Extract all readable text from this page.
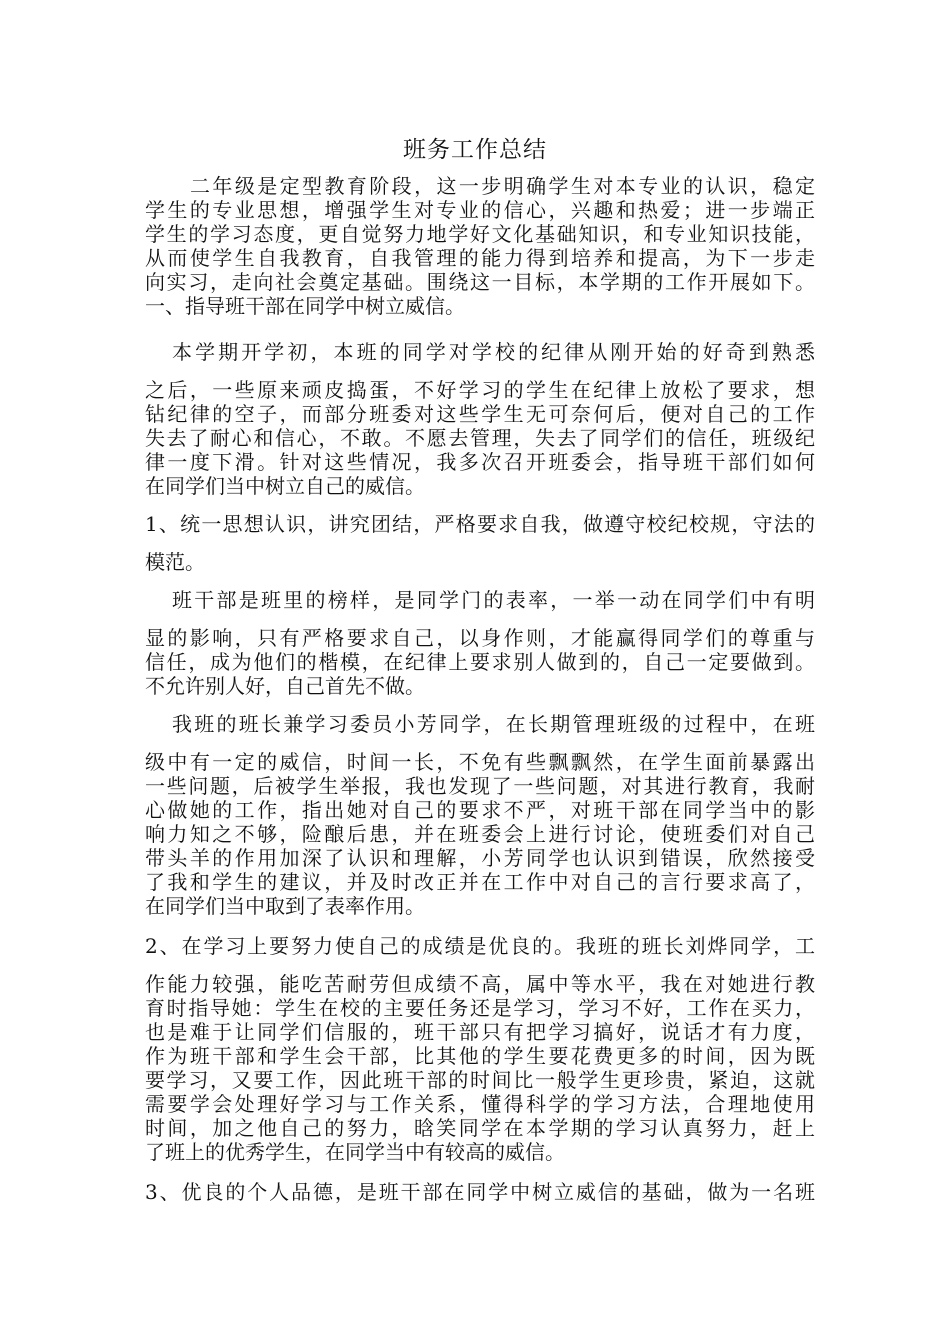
班务工作总结
二年级是定型教育阶段，这一步明确学生对本专业的认识，稳定
学生的专业思想，增强学生对专业的信心，兴趣和热爱；进一步端正
学生的学习态度，更自觉努力地学好文化基础知识，和专业知识技能，
从而使学生自我教育，自我管理的能力得到培养和提高，为下一步走
向实习，走向社会奠定基础。围绕这一目标，本学期的工作开展如下。
一、指导班干部在同学中树立威信。
本学期开学初，本班的同学对学校的纪律从刚开始的好奇到熟悉
之后，一些原来顽皮捣蛋，不好学习的学生在纪律上放松了要求，想
钻纪律的空子，而部分班委对这些学生无可奈何后，便对自己的工作
失去了耐心和信心，不敢。不愿去管理，失去了同学们的信任，班级纪
律一度下滑。针对这些情况，我多次召开班委会，指导班干部们如何
在同学们当中树立自己的威信。
1、统一思想认识，讲究团结，严格要求自我，做遵守校纪校规，守法的
模范。
班干部是班里的榜样，是同学门的表率，一举一动在同学们中有明
显的影响，只有严格要求自己，以身作则，才能赢得同学们的尊重与
信任，成为他们的楷模，在纪律上要求别人做到的，自己一定要做到。
不允许别人好，自己首先不做。
我班的班长兼学习委员小芳同学，在长期管理班级的过程中，在班
级中有一定的威信，时间一长，不免有些飘飘然，在学生面前暴露出
一些问题，后被学生举报，我也发现了一些问题，对其进行教育，我耐
心做她的工作，指出她对自己的要求不严，对班干部在同学当中的影
响力知之不够，险酿后患，并在班委会上进行讨论，使班委们对自己
带头羊的作用加深了认识和理解，小芳同学也认识到错误，欣然接受
了我和学生的建议，并及时改正并在工作中对自己的言行要求高了，
在同学们当中取到了表率作用。
2、在学习上要努力使自己的成绩是优良的。我班的班长刘烨同学，工
作能力较强，能吃苦耐劳但成绩不高，属中等水平，我在对她进行教
育时指导她：学生在校的主要任务还是学习，学习不好，工作在买力，
也是难于让同学们信服的，班干部只有把学习搞好，说话才有力度，
作为班干部和学生会干部，比其他的学生要花费更多的时间，因为既
要学习，又要工作，因此班干部的时间比一般学生更珍贵，紧迫，这就
需要学会处理好学习与工作关系，懂得科学的学习方法，合理地使用
时间，加之他自己的努力，晗笑同学在本学期的学习认真努力，赶上
了班上的优秀学生，在同学当中有较高的威信。
3、优良的个人品德，是班干部在同学中树立威信的基础，做为一名班
